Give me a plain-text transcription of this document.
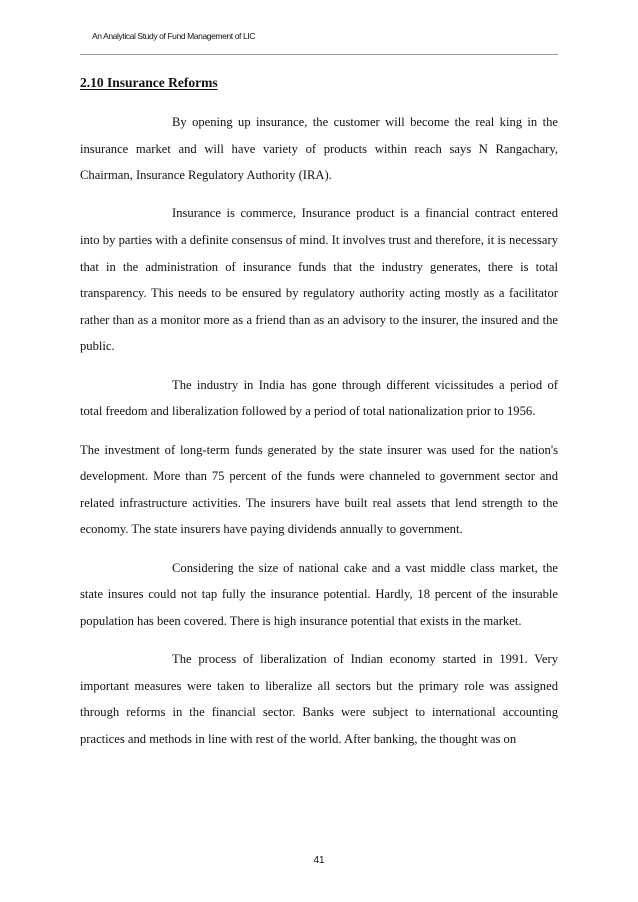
An Analytical Study of Fund Management of LIC
2.10 Insurance Reforms

By opening up insurance, the customer will become the real king in the insurance market and will have variety of products within reach says N Rangachary, Chairman, Insurance Regulatory Authority (IRA).

Insurance is commerce, Insurance product is a financial contract entered into by parties with a definite consensus of mind. It involves trust and therefore, it is necessary that in the administration of insurance funds that the industry generates, there is total transparency. This needs to be ensured by regulatory authority acting mostly as a facilitator rather than as a monitor more as a friend than as an advisory to the insurer, the insured and the public.

The industry in India has gone through different vicissitudes a period of total freedom and liberalization followed by a period of total nationalization prior to 1956.

The investment of long-term funds generated by the state insurer was used for the nation's development. More than 75 percent of the funds were channeled to government sector and related infrastructure activities. The insurers have built real assets that lend strength to the economy. The state insurers have paying dividends annually to government.

Considering the size of national cake and a vast middle class market, the state insures could not tap fully the insurance potential. Hardly, 18 percent of the insurable population has been covered. There is high insurance potential that exists in the market.

The process of liberalization of Indian economy started in 1991. Very important measures were taken to liberalize all sectors but the primary role was assigned through reforms in the financial sector. Banks were subject to international accounting practices and methods in line with rest of the world. After banking, the thought was on

41
